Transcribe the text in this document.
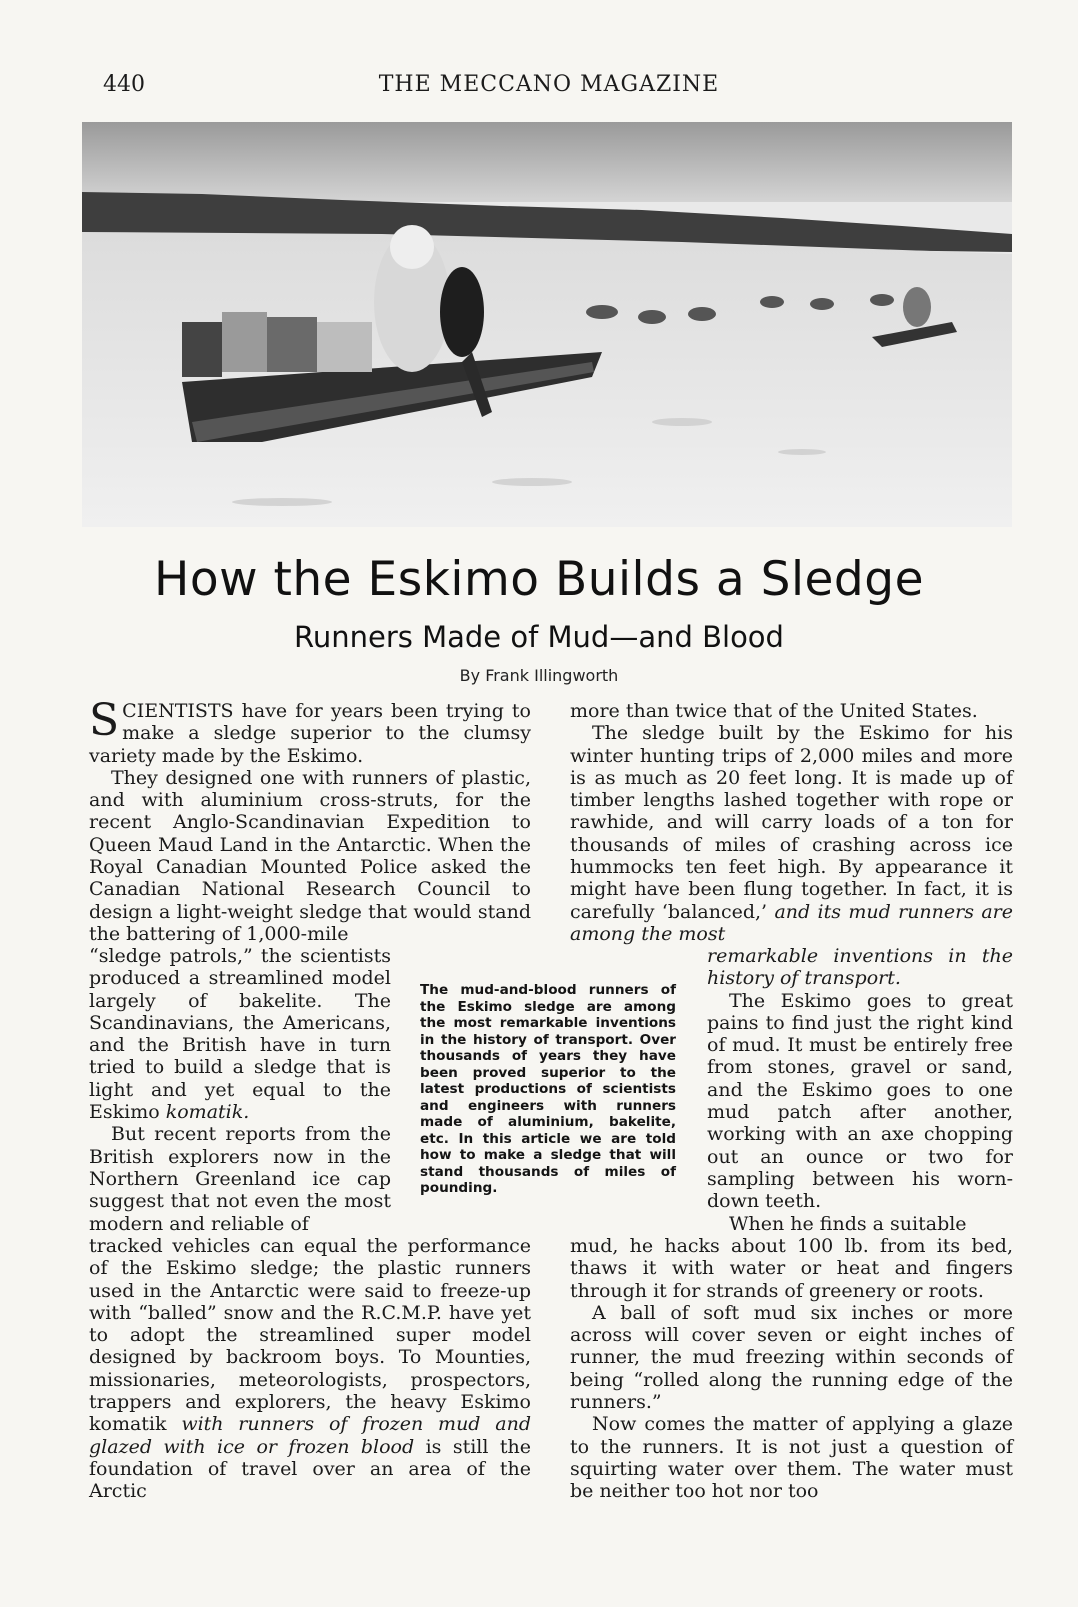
440	THE MECCANO MAGAZINE
How the Eskimo Builds a Sledge
Runners Made of Mud—and Blood
By Frank Illingworth

SCIENTISTS have for years been trying to make a sledge superior to the clumsy variety made by the Eskimo.

They designed one with runners of plastic, and with aluminium cross-struts, for the recent Anglo-Scandinavian Expedition to Queen Maud Land in the Antarctic. When the Royal Canadian Mounted Police asked the Canadian National Research Council to design a light-weight sledge that would stand the battering of 1,000-mile

“sledge patrols,” the scientists produced a streamlined model largely of bakelite. The Scandinavians, the Americans, and the British have in turn tried to build a sledge that is light and yet equal to the Eskimo komatik.

But recent reports from the British explorers now in the Northern Greenland ice cap suggest that not even the most modern and reliable of

The mud-and-blood runners of the Eskimo sledge are among the most remarkable inventions in the history of transport. Over thousands of years they have been proved superior to the latest productions of scientists and engineers with runners made of aluminium, bakelite, etc. In this article we are told how to make a sledge that will stand thousands of miles of pounding.

remarkable inventions in the history of transport.

The Eskimo goes to great pains to find just the right kind of mud. It must be entirely free from stones, gravel or sand, and the Eskimo goes to one mud patch after another, working with an axe chopping out an ounce or two for sampling between his worn-down teeth.

When he finds a suitable

more than twice that of the United States.

The sledge built by the Eskimo for his winter hunting trips of 2,000 miles and more is as much as 20 feet long. It is made up of timber lengths lashed together with rope or rawhide, and will carry loads of a ton for thousands of miles of crashing across ice hummocks ten feet high. By appearance it might have been flung together. In fact, it is carefully ‘balanced,’ and its mud runners are among the most

tracked vehicles can equal the performance of the Eskimo sledge; the plastic runners used in the Antarctic were said to freeze-up with “balled” snow and the R.C.M.P. have yet to adopt the streamlined super model designed by backroom boys. To Mounties, missionaries, meteorologists, prospectors, trappers and explorers, the heavy Eskimo komatik with runners of frozen mud and glazed with ice or frozen blood is still the foundation of travel over an area of the Arctic

mud, he hacks about 100 lb. from its bed, thaws it with water or heat and fingers through it for strands of greenery or roots.

A ball of soft mud six inches or more across will cover seven or eight inches of runner, the mud freezing within seconds of being “rolled along the running edge of the runners.”

Now comes the matter of applying a glaze to the runners. It is not just a question of squirting water over them. The water must be neither too hot nor too
